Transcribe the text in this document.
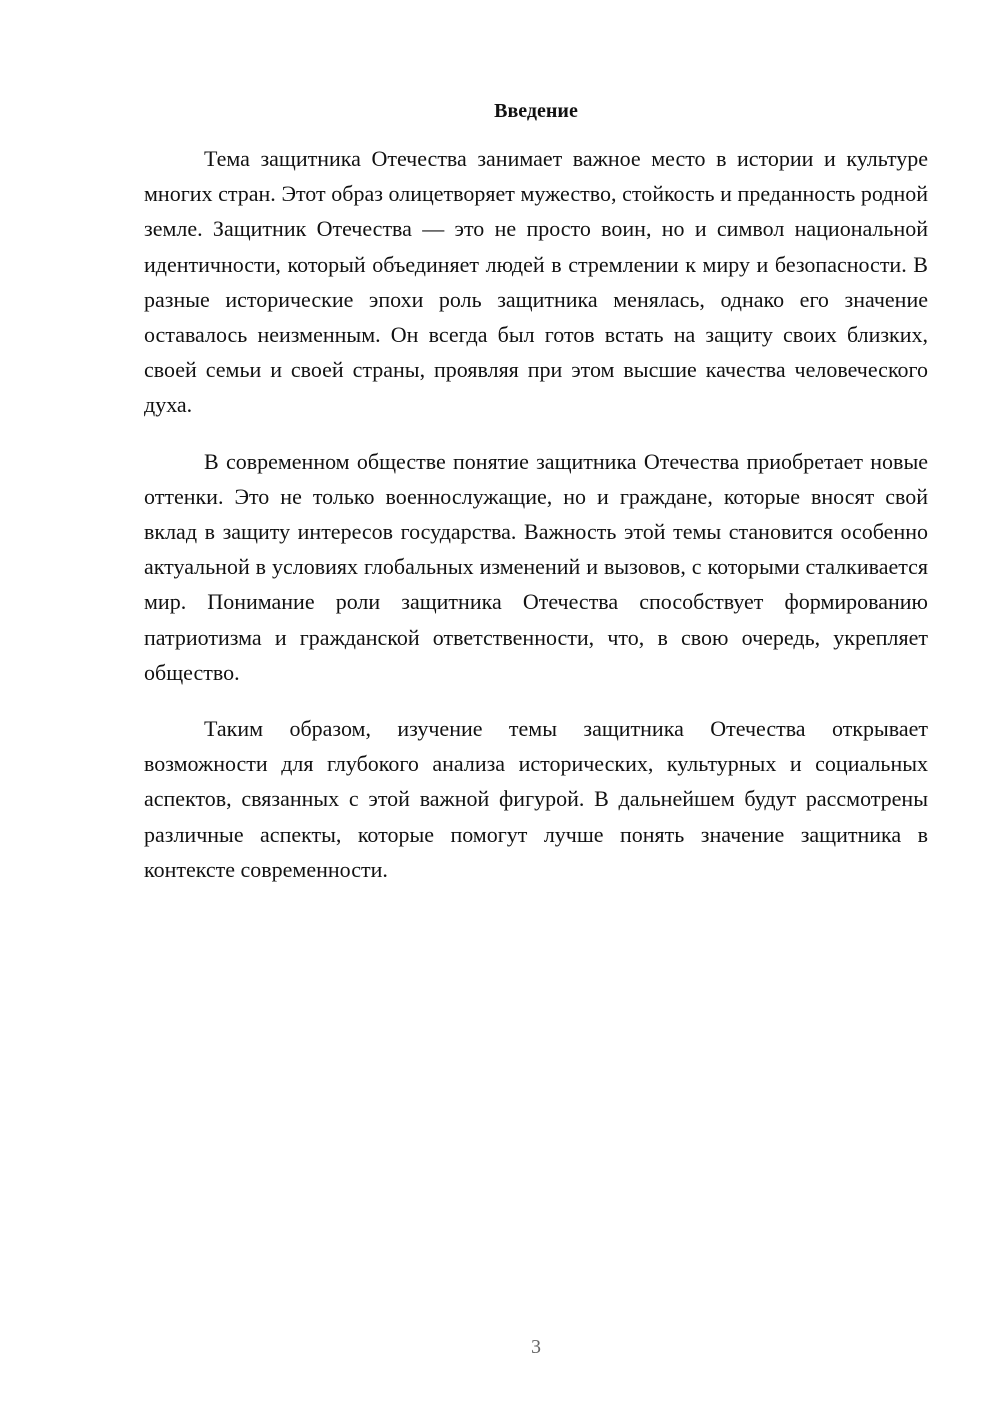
Введение

Тема защитника Отечества занимает важное место в истории и культуре многих стран. Этот образ олицетворяет мужество, стойкость и преданность родной земле. Защитник Отечества — это не просто воин, но и символ национальной идентичности, который объединяет людей в стремлении к миру и безопасности. В разные исторические эпохи роль защитника менялась, однако его значение оставалось неизменным. Он всегда был готов встать на защиту своих близких, своей семьи и своей страны, проявляя при этом высшие качества человеческого духа.

В современном обществе понятие защитника Отечества приобретает новые оттенки. Это не только военнослужащие, но и граждане, которые вносят свой вклад в защиту интересов государства. Важность этой темы становится особенно актуальной в условиях глобальных изменений и вызовов, с которыми сталкивается мир. Понимание роли защитника Отечества способствует формированию патриотизма и гражданской ответственности, что, в свою очередь, укрепляет общество.

Таким образом, изучение темы защитника Отечества открывает возможности для глубокого анализа исторических, культурных и социальных аспектов, связанных с этой важной фигурой. В дальнейшем будут рассмотрены различные аспекты, которые помогут лучше понять значение защитника в контексте современности.

3
